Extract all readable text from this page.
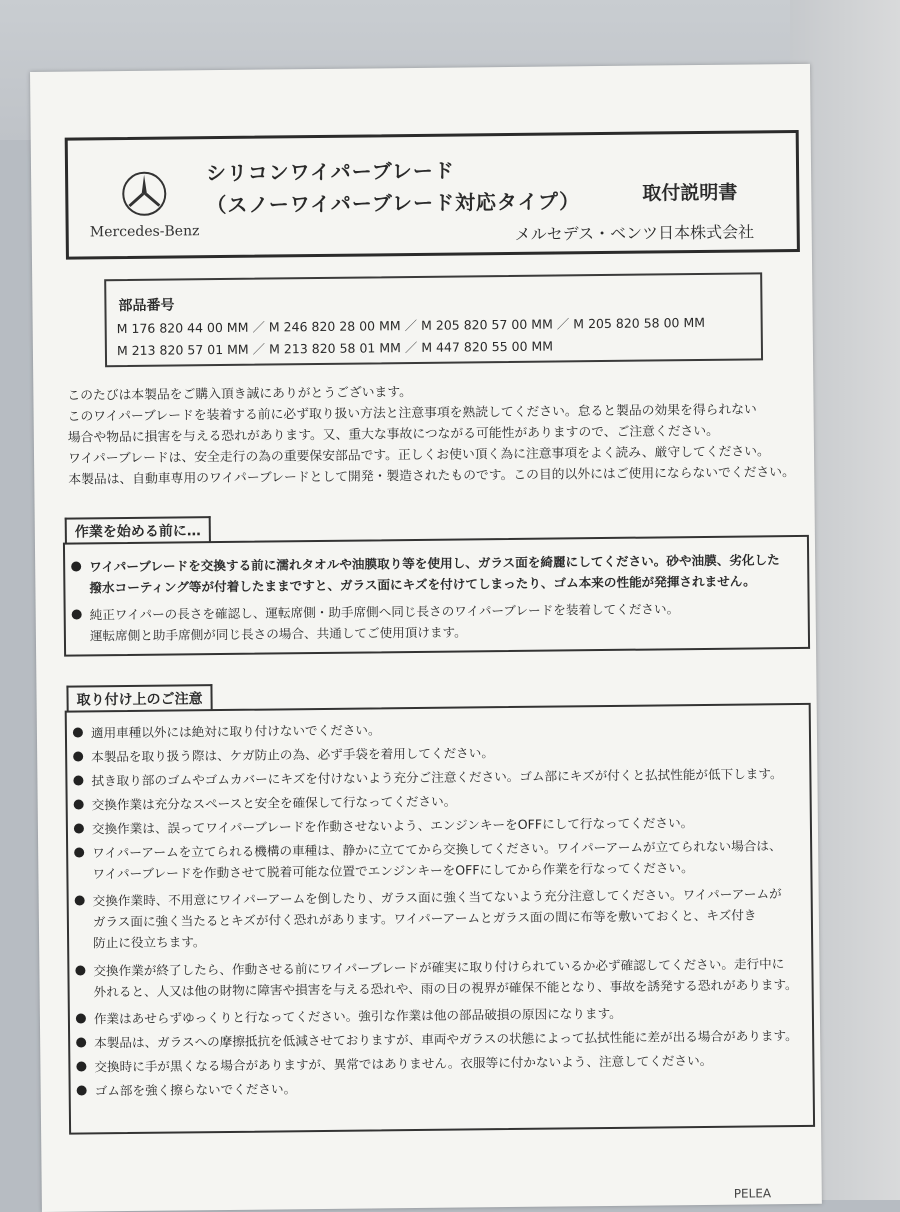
Mercedes-Benz
シリコンワイパーブレード
（スノーワイパーブレード対応タイプ）	取付説明書
メルセデス・ベンツ日本株式会社
部品番号
M 176 820 44 00 MM ／ M 246 820 28 00 MM ／ M 205 820 57 00 MM ／ M 205 820 58 00 MM
M 213 820 57 01 MM ／ M 213 820 58 01 MM ／ M 447 820 55 00 MM
このたびは本製品をご購入頂き誠にありがとうございます。
このワイパーブレードを装着する前に必ず取り扱い方法と注意事項を熟読してください。怠ると製品の効果を得られない
場合や物品に損害を与える恐れがあります。又、重大な事故につながる可能性がありますので、ご注意ください。
ワイパーブレードは、安全走行の為の重要保安部品です。正しくお使い頂く為に注意事項をよく読み、厳守してください。
本製品は、自動車専用のワイパーブレードとして開発・製造されたものです。この目的以外にはご使用にならないでください。
作業を始める前に…
ワイパーブレードを交換する前に濡れタオルや油膜取り等を使用し、ガラス面を綺麗にしてください。砂や油膜、劣化した
撥水コーティング等が付着したままですと、ガラス面にキズを付けてしまったり、ゴム本来の性能が発揮されません。
純正ワイパーの長さを確認し、運転席側・助手席側へ同じ長さのワイパーブレードを装着してください。
運転席側と助手席側が同じ長さの場合、共通してご使用頂けます。
取り付け上のご注意
適用車種以外には絶対に取り付けないでください。
本製品を取り扱う際は、ケガ防止の為、必ず手袋を着用してください。
拭き取り部のゴムやゴムカバーにキズを付けないよう充分ご注意ください。ゴム部にキズが付くと払拭性能が低下します。
交換作業は充分なスペースと安全を確保して行なってください。
交換作業は、誤ってワイパーブレードを作動させないよう、エンジンキーをOFFにして行なってください。
ワイパーアームを立てられる機構の車種は、静かに立ててから交換してください。ワイパーアームが立てられない場合は、
ワイパーブレードを作動させて脱着可能な位置でエンジンキーをOFFにしてから作業を行なってください。
交換作業時、不用意にワイパーアームを倒したり、ガラス面に強く当てないよう充分注意してください。ワイパーアームが
ガラス面に強く当たるとキズが付く恐れがあります。ワイパーアームとガラス面の間に布等を敷いておくと、キズ付き
防止に役立ちます。
交換作業が終了したら、作動させる前にワイパーブレードが確実に取り付けられているか必ず確認してください。走行中に
外れると、人又は他の財物に障害や損害を与える恐れや、雨の日の視界が確保不能となり、事故を誘発する恐れがあります。
作業はあせらずゆっくりと行なってください。強引な作業は他の部品破損の原因になります。
本製品は、ガラスへの摩擦抵抗を低減させておりますが、車両やガラスの状態によって払拭性能に差が出る場合があります。
交換時に手が黒くなる場合がありますが、異常ではありません。衣服等に付かないよう、注意してください。
ゴム部を強く擦らないでください。
PELEA
